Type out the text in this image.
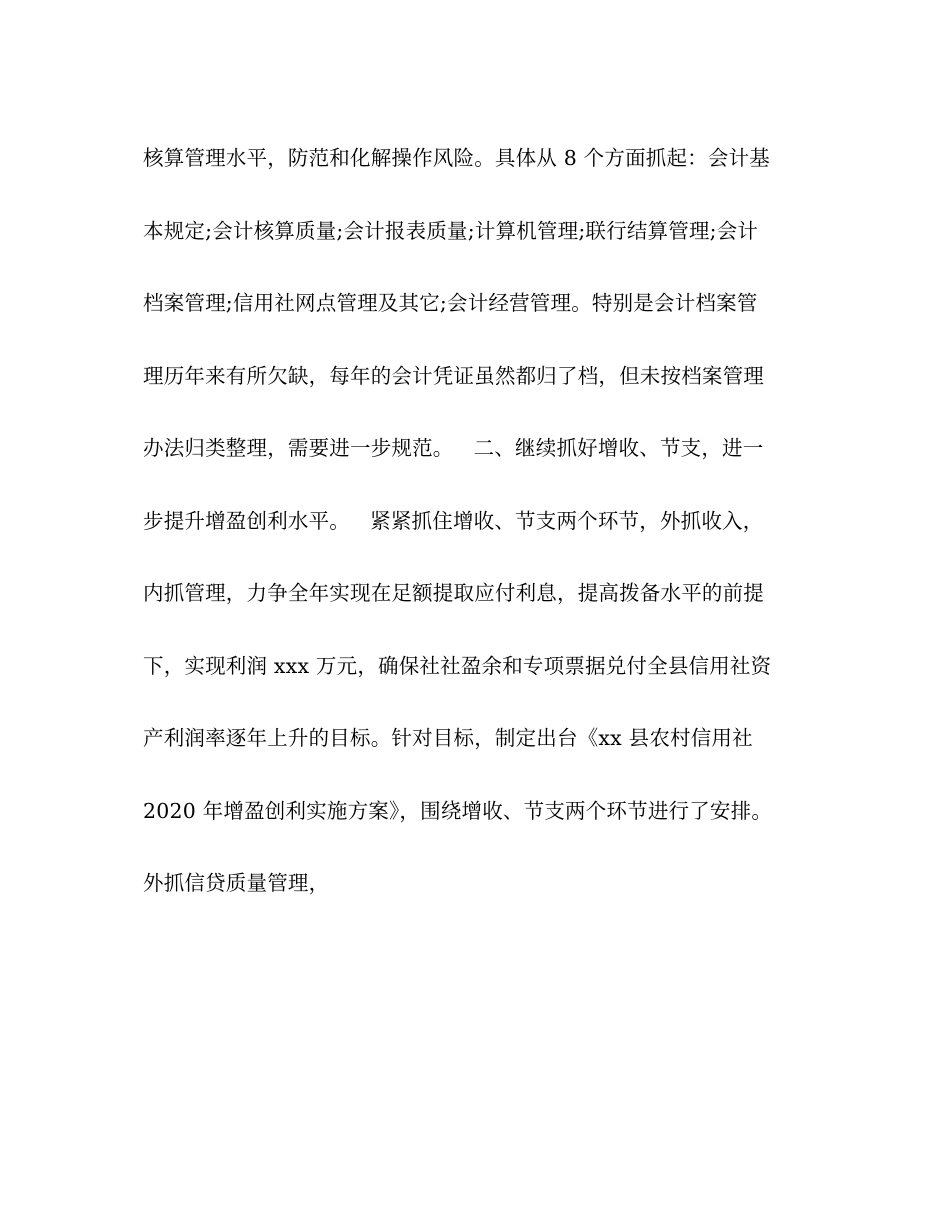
核算管理水平，防范和化解操作风险。具体从 8 个方面抓起：会计基
本规定;会计核算质量;会计报表质量;计算机管理;联行结算管理;会计
档案管理;信用社网点管理及其它;会计经营管理。特别是会计档案管
理历年来有所欠缺，每年的会计凭证虽然都归了档，但未按档案管理
办法归类整理，需要进一步规范。   二、继续抓好增收、节支，进一
步提升增盈创利水平。   紧紧抓住增收、节支两个环节，外抓收入，
内抓管理，力争全年实现在足额提取应付利息，提高拨备水平的前提
下，实现利润 xxx 万元，确保社社盈余和专项票据兑付全县信用社资
产利润率逐年上升的目标。针对目标，制定出台《xx 县农村信用社
2020 年增盈创利实施方案》，围绕增收、节支两个环节进行了安排。
外抓信贷质量管理，
